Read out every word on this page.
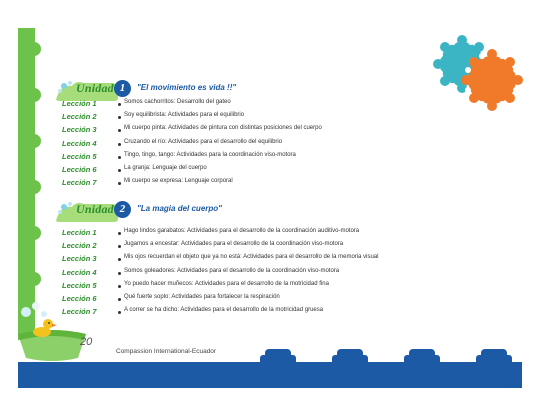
Unidad 1	"El movimiento es vida !!"
Lección 1	Somos cachorritos: Desarrollo del gateo
Lección 2	Soy equilibrista: Actividades para el equilibrio
Lección 3	Mi cuerpo pinta: Actividades de pintura con distintas posiciones del cuerpo
Lección 4	Cruzando el río: Actividades para el desarrollo del equilibrio
Lección 5	Tingo, tingo, tango: Actividades para la coordinación viso-motora
Lección 6	La granja: Lenguaje del cuerpo
Lección 7	Mi cuerpo se expresa: Lenguaje corporal
Unidad 2	"La magia del cuerpo"
Lección 1	Hago lindos garabatos: Actividades para el desarrollo de la coordinación auditivo-motora
Lección 2	Jugamos a encestar: Actividades para el desarrollo de la coordinación viso-motora
Lección 3	Mis ojos recuerdan el objeto que ya no está: Actividades para el desarrollo de la memoria visual
Lección 4	Somos goleadores: Actividades para el desarrollo de la coordinación viso-motora
Lección 5	Yo puedo hacer muñecos: Actividades para el desarrollo de la motricidad fina
Lección 6	Qué fuerte soplo: Actividades para fortalecer la respiración
Lección 7	A correr se ha dicho: Actividades para el desarrollo de la motricidad gruesa
20
Compassion International-Ecuador
